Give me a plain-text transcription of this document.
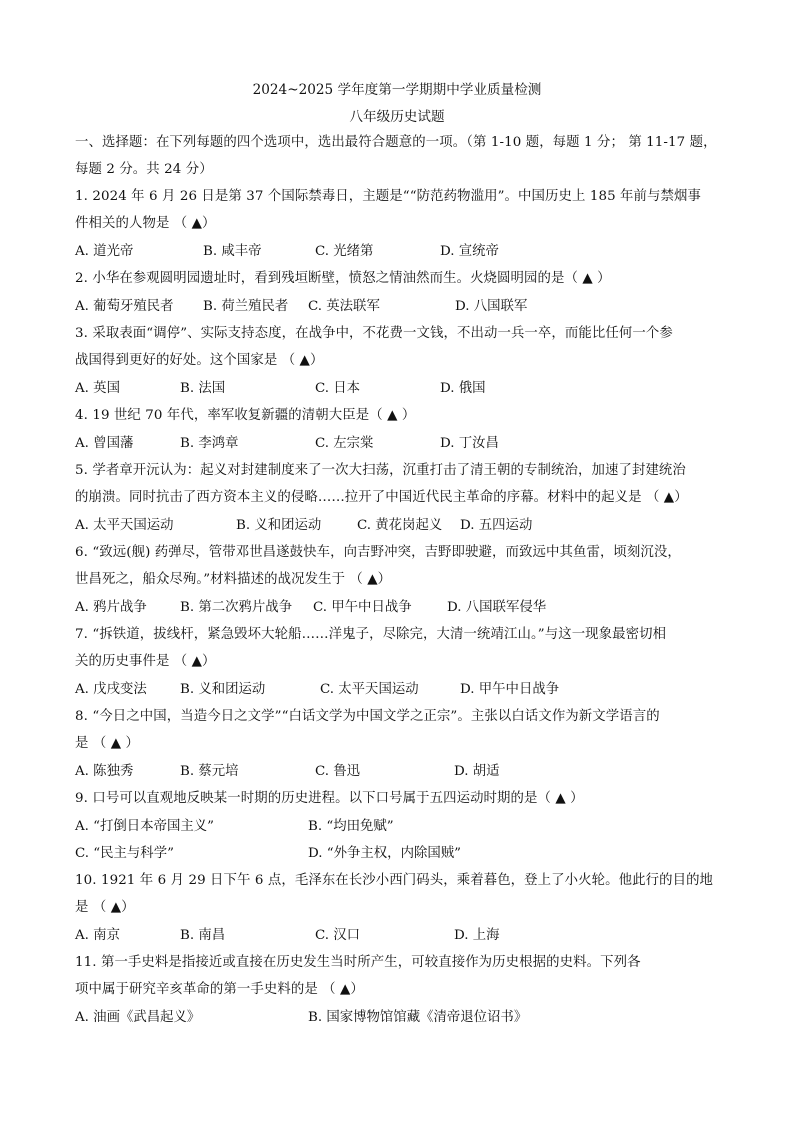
2024~2025 学年度第一学期期中学业质量检测
八年级历史试题
一、选择题：在下列每题的四个选项中，选出最符合题意的一项。（第 1-10 题，每题 1 分； 第 11-17 题，
每题 2 分。共 24 分）
1. 2024 年 6 月 26 日是第 37 个国际禁毒日，主题是““防范药物滥用”。中国历史上 185 年前与禁烟事
件相关的人物是 （ ▲）
A. 道光帝	B. 咸丰帝	C. 光绪第	D. 宣统帝
2. 小华在参观圆明园遗址时，看到残垣断壁，愤怒之情油然而生。火烧圆明园的是（ ▲ ）
A. 葡萄牙殖民者 B. 荷兰殖民者 C. 英法联军	D. 八国联军
3. 采取表面“调停”、实际支持态度，在战争中，不花费一文钱，不出动一兵一卒，而能比任何一个参
战国得到更好的好处。这个国家是 （ ▲）
A. 英国	B. 法国	C. 日本	D. 俄国
4. 19 世纪 70 年代，率军收复新疆的清朝大臣是（ ▲ ）
A. 曾国藩	B. 李鸿章	C. 左宗棠	D. 丁汝昌
5. 学者章开沅认为：起义对封建制度来了一次大扫荡，沉重打击了清王朝的专制统治，加速了封建统治
的崩溃。同时抗击了西方资本主义的侵略……拉开了中国近代民主革命的序幕。材料中的起义是 （ ▲）
A. 太平天国运动	B. 义和团运动	C. 黄花岗起义 D. 五四运动
6. “致远(舰) 药弹尽，管带邓世昌遂鼓快车，向吉野冲突，吉野即驶避，而致远中其鱼雷，顷刻沉没，
世昌死之，船众尽殉。”材料描述的战况发生于 （ ▲）
A. 鸦片战争 B. 第二次鸦片战争 C. 甲午中日战争	D. 八国联军侵华
7. “拆铁道，拔线杆，紧急毁坏大轮船……洋鬼子，尽除完，大清一统靖江山。”与这一现象最密切相
关的历史事件是 （ ▲）
A. 戊戌变法 B. 义和团运动	C. 太平天国运动	D. 甲午中日战争
8. “今日之中国，当造今日之文学”“白话文学为中国文学之正宗”。主张以白话文作为新文学语言的
是 （ ▲ ）
A. 陈独秀	B. 蔡元培	C. 鲁迅	D. 胡适
9. 口号可以直观地反映某一时期的历史进程。以下口号属于五四运动时期的是（ ▲ ）
A. “打倒日本帝国主义”	B. “均田免赋”
C. “民主与科学”	D. “外争主权，内除国贼”
10. 1921 年 6 月 29 日下午 6 点，毛泽东在长沙小西门码头，乘着暮色，登上了小火轮。他此行的目的地
是 （ ▲）
A. 南京	B. 南昌	C. 汉口	D. 上海
11. 第一手史料是指接近或直接在历史发生当时所产生，可较直接作为历史根据的史料。下列各
项中属于研究辛亥革命的第一手史料的是 （ ▲）
A. 油画《武昌起义》	B. 国家博物馆馆藏《清帝退位诏书》
